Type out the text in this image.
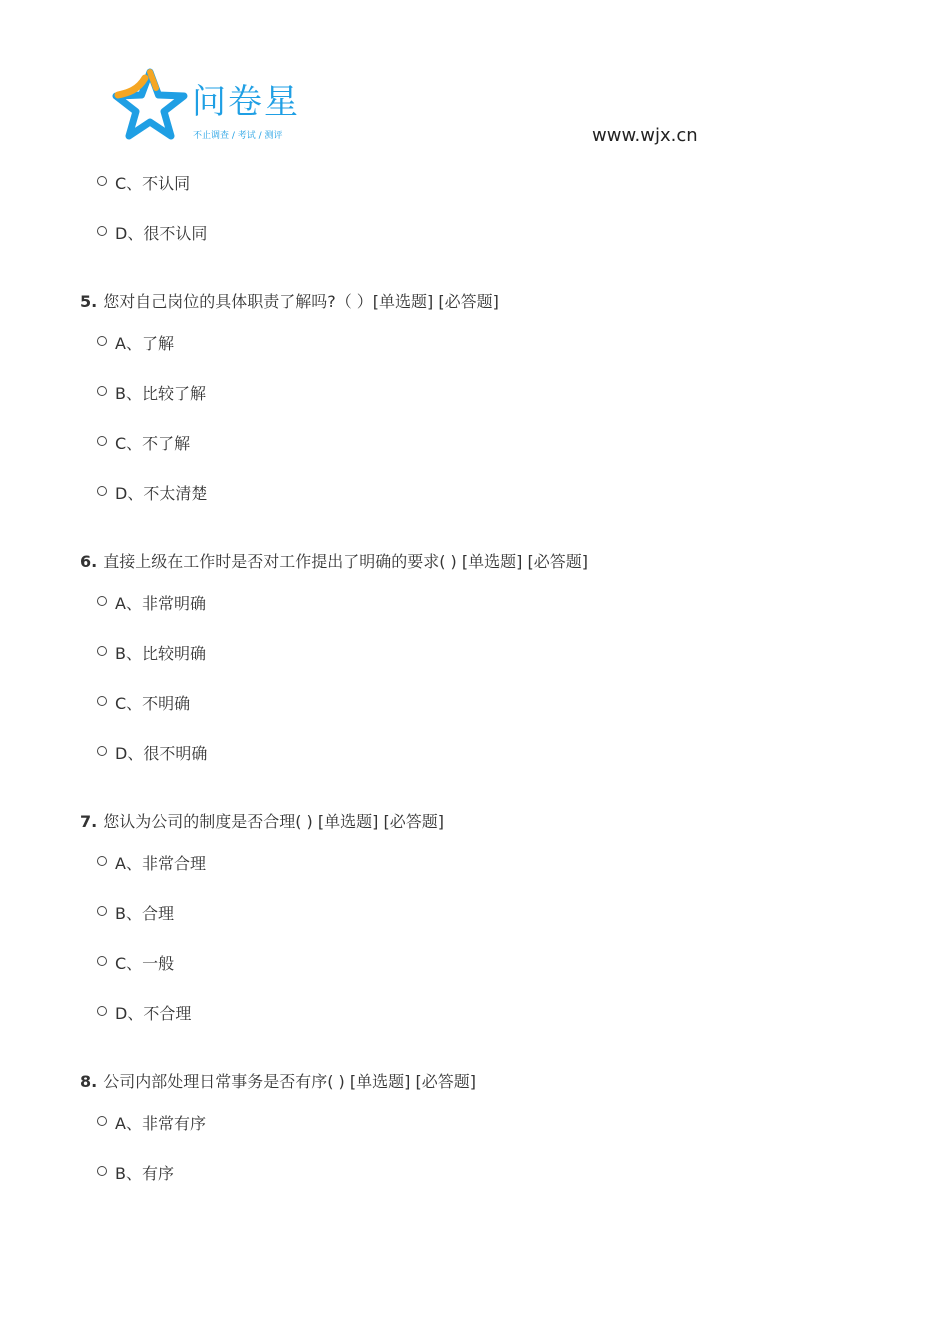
问卷星
不止调查 / 考试 / 测评	www.wjx.cn
C、不认同
D、很不认同
5. 您对自己岗位的具体职责了解吗?（ ）[单选题] [必答题]
A、了解
B、比较了解
C、不了解
D、不太清楚
6. 直接上级在工作时是否对工作提出了明确的要求( ) [单选题] [必答题]
A、非常明确
B、比较明确
C、不明确
D、很不明确
7. 您认为公司的制度是否合理( ) [单选题] [必答题]
A、非常合理
B、合理
C、一般
D、不合理
8. 公司内部处理日常事务是否有序( ) [单选题] [必答题]
A、非常有序
B、有序
